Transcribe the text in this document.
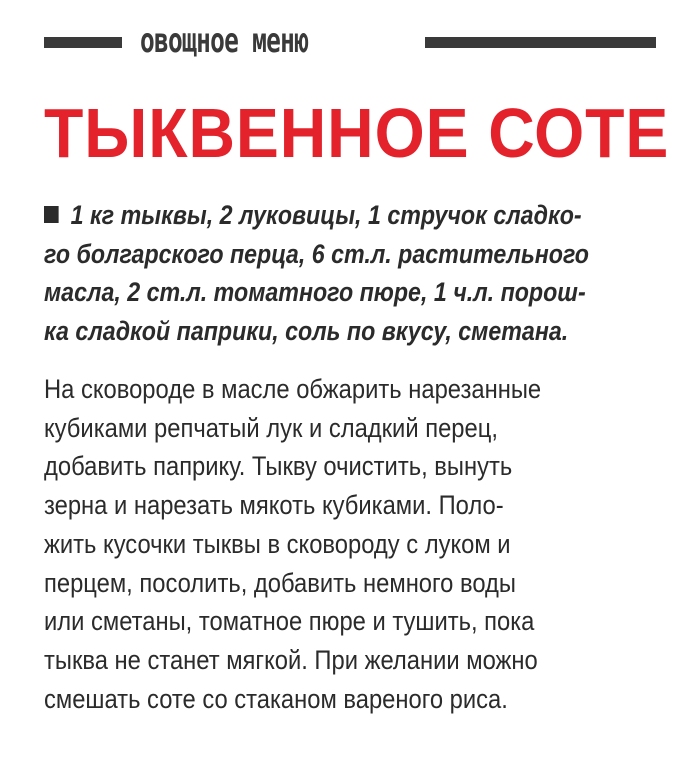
овощное меню
ТЫКВЕННОЕ СОТЕ
1 кг тыквы, 2 луковицы, 1 стручок сладко-
го болгарского перца, 6 ст.л. растительного
масла, 2 ст.л. томатного пюре, 1 ч.л. порош-
ка сладкой паприки, соль по вкусу, сметана.
На сковороде в масле обжарить нарезанные
кубиками репчатый лук и сладкий перец,
добавить паприку. Тыкву очистить, вынуть
зерна и нарезать мякоть кубиками. Поло-
жить кусочки тыквы в сковороду с луком и
перцем, посолить, добавить немного воды
или сметаны, томатное пюре и тушить, пока
тыква не станет мягкой. При желании можно
смешать соте со стаканом вареного риса.
